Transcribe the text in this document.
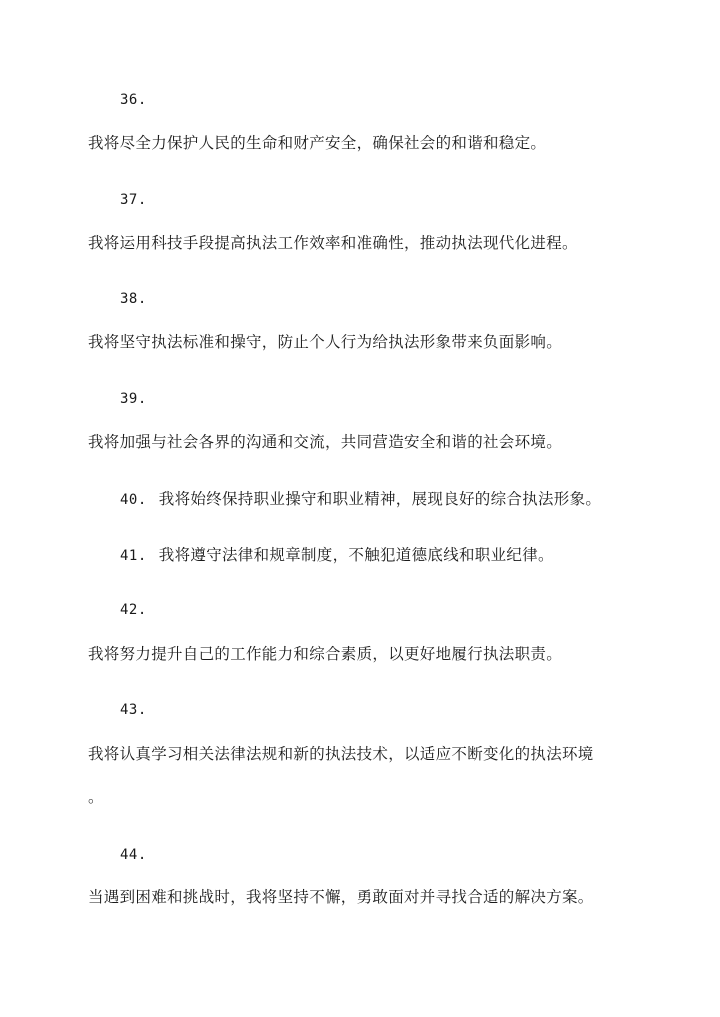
36.
我将尽全力保护人民的生命和财产安全，确保社会的和谐和稳定。
37.
我将运用科技手段提高执法工作效率和准确性，推动执法现代化进程。
38.
我将坚守执法标准和操守，防止个人行为给执法形象带来负面影响。
39.
我将加强与社会各界的沟通和交流，共同营造安全和谐的社会环境。
40. 我将始终保持职业操守和职业精神，展现良好的综合执法形象。
41. 我将遵守法律和规章制度，不触犯道德底线和职业纪律。
42.
我将努力提升自己的工作能力和综合素质，以更好地履行执法职责。
43.
我将认真学习相关法律法规和新的执法技术，以适应不断变化的执法环境
。
44.
当遇到困难和挑战时，我将坚持不懈，勇敢面对并寻找合适的解决方案。
